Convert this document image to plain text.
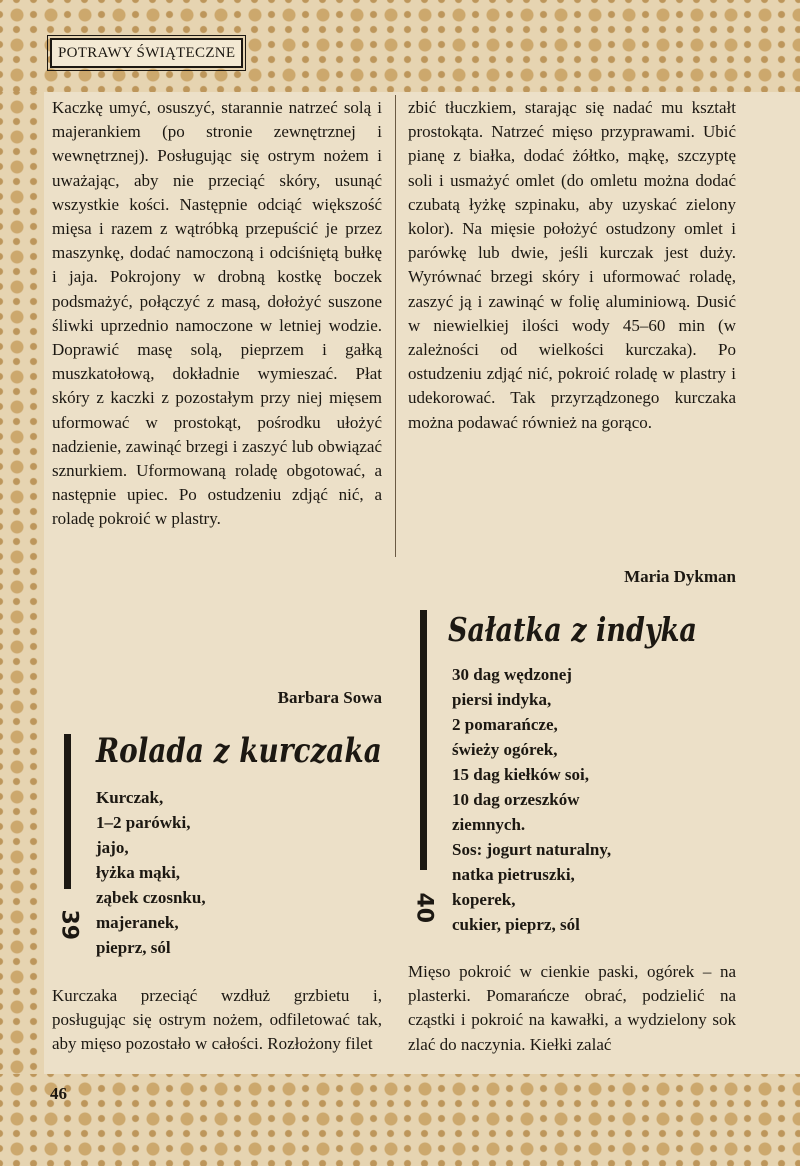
POTRAWY ŚWIĄTECZNE

Kaczkę umyć, osuszyć, starannie natrzeć solą i majerankiem (po stronie zewnętrznej i wewnętrznej). Posługując się ostrym nożem i uważając, aby nie przeciąć skóry, usunąć wszystkie kości. Następnie odciąć większość mięsa i razem z wątróbką przepuścić je przez maszynkę, dodać namoczoną i odciśniętą bułkę i jaja. Pokrojony w drobną kostkę boczek podsmażyć, połączyć z masą, dołożyć suszone śliwki uprzednio namoczone w letniej wodzie. Doprawić masę solą, pieprzem i gałką muszkatołową, dokładnie wymieszać. Płat skóry z kaczki z pozostałym przy niej mięsem uformować w prostokąt, pośrodku ułożyć nadzienie, zawinąć brzegi i zaszyć lub obwiązać sznurkiem. Uformowaną roladę obgotować, a następnie upiec. Po ostudzeniu zdjąć nić, a roladę pokroić w plastry.

Barbara Sowa
39
Rolada z kurczaka
Kurczak,
1–2 parówki,
jajo,
łyżka mąki,
ząbek czosnku,
majeranek,
pieprz, sól

Kurczaka przeciąć wzdłuż grzbietu i, posługując się ostrym nożem, odfiletować tak, aby mięso pozostało w całości. Rozłożony filet

zbić tłuczkiem, starając się nadać mu kształt prostokąta. Natrzeć mięso przyprawami. Ubić pianę z białka, dodać żółtko, mąkę, szczyptę soli i usmażyć omlet (do omletu można dodać czubatą łyżkę szpinaku, aby uzyskać zielony kolor). Na mięsie położyć ostudzony omlet i parówkę lub dwie, jeśli kurczak jest duży. Wyrównać brzegi skóry i uformować roladę, zaszyć ją i zawinąć w folię aluminiową. Dusić w niewielkiej ilości wody 45–60 min (w zależności od wielkości kurczaka). Po ostudzeniu zdjąć nić, pokroić roladę w plastry i udekorować. Tak przyrządzonego kurczaka można podawać również na gorąco.

Maria Dykman
40
Sałatka z indyka
30 dag wędzonej
piersi indyka,
2 pomarańcze,
świeży ogórek,
15 dag kiełków soi,
10 dag orzeszków
ziemnych.
Sos: jogurt naturalny,
natka pietruszki,
koperek,
cukier, pieprz, sól

Mięso pokroić w cienkie paski, ogórek – na plasterki. Pomarańcze obrać, podzielić na cząstki i pokroić na kawałki, a wydzielony sok zlać do naczynia. Kiełki zalać

46
